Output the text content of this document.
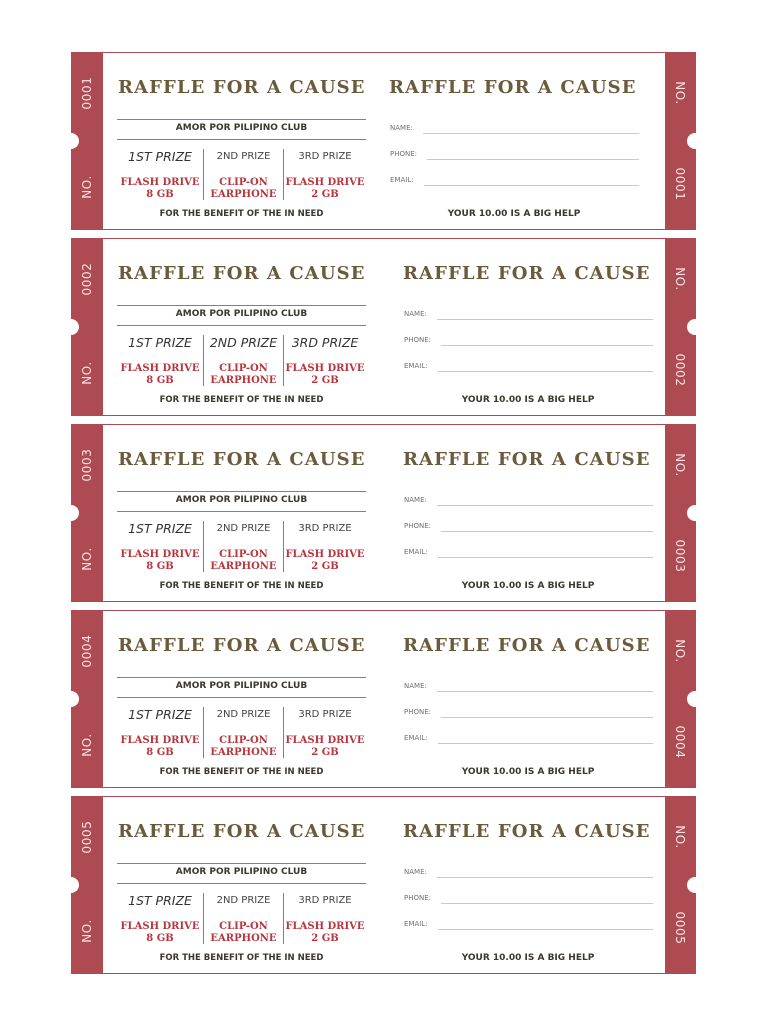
0001
NO.
NO.
0001
RAFFLE FOR A CAUSE
AMOR POR PILIPINO CLUB
1ST PRIZE
FLASH DRIVE
8 GB
2ND PRIZE
CLIP-ON
EARPHONE
3RD PRIZE
FLASH DRIVE
2 GB
FOR THE BENEFIT OF THE IN NEED
RAFFLE FOR A CAUSE
NAME:
PHONE:
EMAIL:
YOUR 10.00 IS A BIG HELP
0002
NO.
NO.
0002
RAFFLE FOR A CAUSE
AMOR POR PILIPINO CLUB
1ST PRIZE
FLASH DRIVE
8 GB
2ND PRIZE
CLIP-ON
EARPHONE
3RD PRIZE
FLASH DRIVE
2 GB
FOR THE BENEFIT OF THE IN NEED
RAFFLE FOR A CAUSE
NAME:
PHONE:
EMAIL:
YOUR 10.00 IS A BIG HELP
0003
NO.
NO.
0003
RAFFLE FOR A CAUSE
AMOR POR PILIPINO CLUB
1ST PRIZE
FLASH DRIVE
8 GB
2ND PRIZE
CLIP-ON
EARPHONE
3RD PRIZE
FLASH DRIVE
2 GB
FOR THE BENEFIT OF THE IN NEED
RAFFLE FOR A CAUSE
NAME:
PHONE:
EMAIL:
YOUR 10.00 IS A BIG HELP
0004
NO.
NO.
0004
RAFFLE FOR A CAUSE
AMOR POR PILIPINO CLUB
1ST PRIZE
FLASH DRIVE
8 GB
2ND PRIZE
CLIP-ON
EARPHONE
3RD PRIZE
FLASH DRIVE
2 GB
FOR THE BENEFIT OF THE IN NEED
RAFFLE FOR A CAUSE
NAME:
PHONE:
EMAIL:
YOUR 10.00 IS A BIG HELP
0005
NO.
NO.
0005
RAFFLE FOR A CAUSE
AMOR POR PILIPINO CLUB
1ST PRIZE
FLASH DRIVE
8 GB
2ND PRIZE
CLIP-ON
EARPHONE
3RD PRIZE
FLASH DRIVE
2 GB
FOR THE BENEFIT OF THE IN NEED
RAFFLE FOR A CAUSE
NAME:
PHONE:
EMAIL:
YOUR 10.00 IS A BIG HELP
